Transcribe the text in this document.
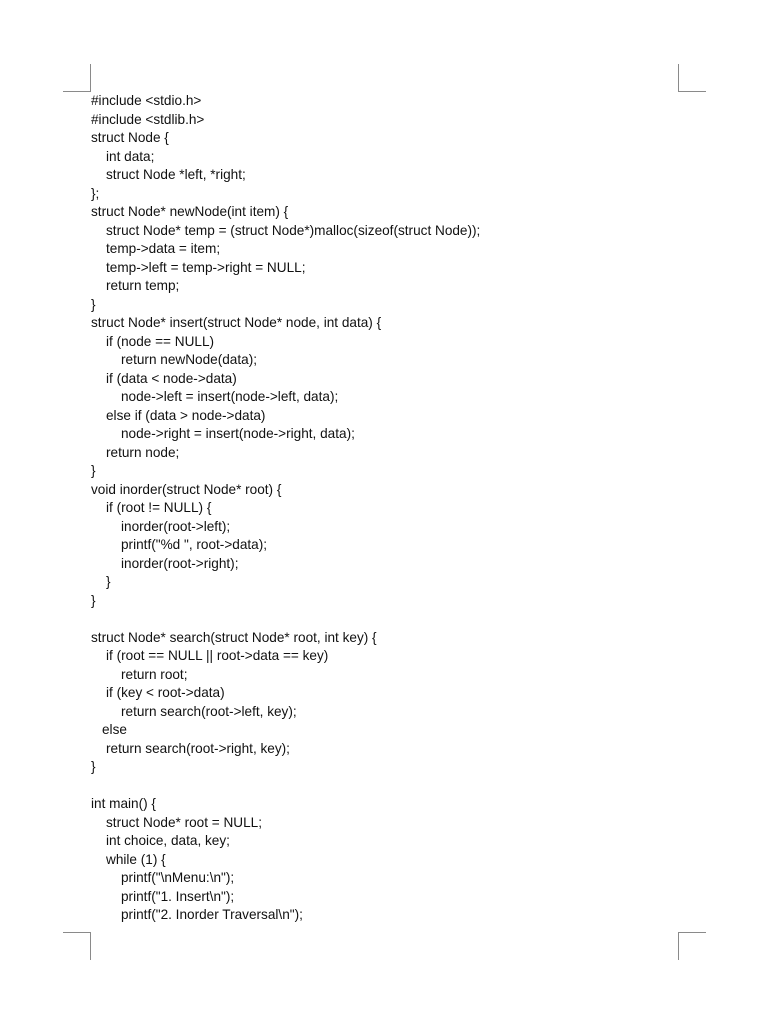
#include <stdio.h>
#include <stdlib.h>
struct Node {
int data;
struct Node *left, *right;
};
struct Node* newNode(int item) {
struct Node* temp = (struct Node*)malloc(sizeof(struct Node));
temp->data = item;
temp->left = temp->right = NULL;
return temp;
}
struct Node* insert(struct Node* node, int data) {
if (node == NULL)
return newNode(data);
if (data < node->data)
node->left = insert(node->left, data);
else if (data > node->data)
node->right = insert(node->right, data);
return node;
}
void inorder(struct Node* root) {
if (root != NULL) {
inorder(root->left);
printf("%d ", root->data);
inorder(root->right);
}
}
struct Node* search(struct Node* root, int key) {
if (root == NULL || root->data == key)
return root;
if (key < root->data)
return search(root->left, key);
else
return search(root->right, key);
}
int main() {
struct Node* root = NULL;
int choice, data, key;
while (1) {
printf("\nMenu:\n");
printf("1. Insert\n");
printf("2. Inorder Traversal\n");
